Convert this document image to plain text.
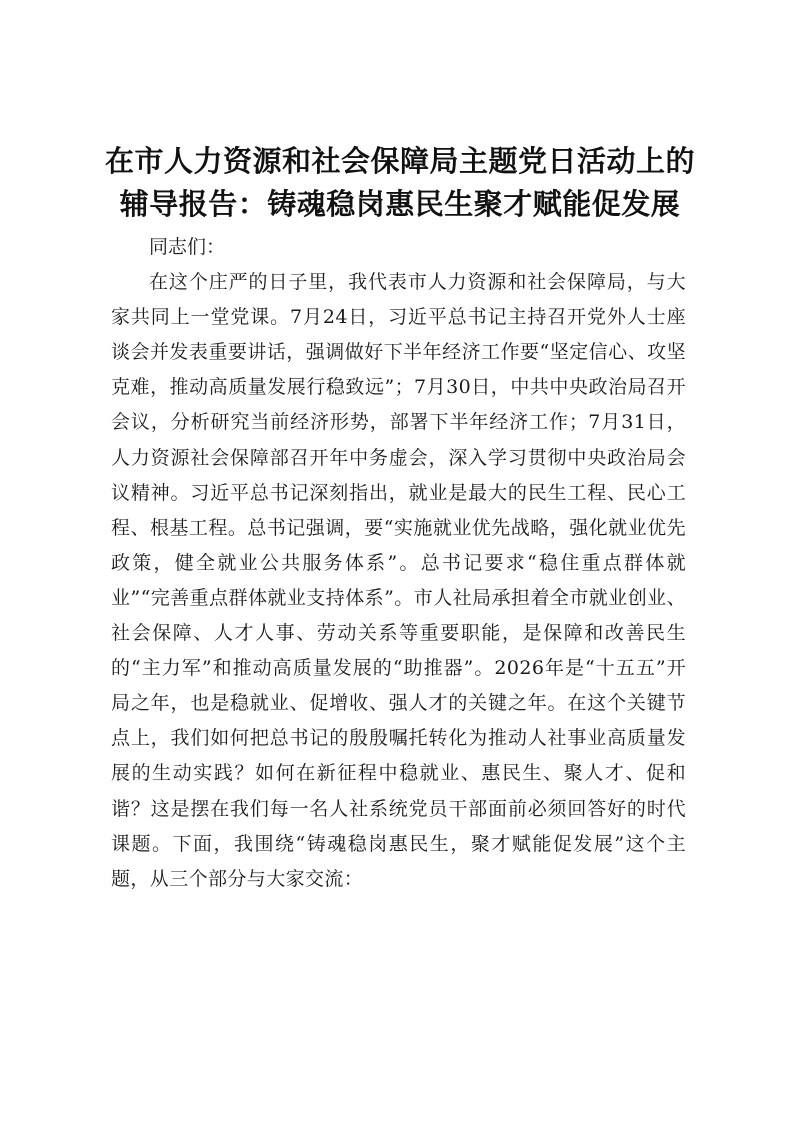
在市人力资源和社会保障局主题党日活动上的
辅导报告：铸魂稳岗惠民生聚才赋能促发展

同志们：

在这个庄严的日子里，我代表市人力资源和社会保障局，与大家共同上一堂党课。7月24日，习近平总书记主持召开党外人士座谈会并发表重要讲话，强调做好下半年经济工作要“坚定信心、攻坚克难，推动高质量发展行稳致远”；7月30日，中共中央政治局召开会议，分析研究当前经济形势，部署下半年经济工作；7月31日，人力资源社会保障部召开年中务虚会，深入学习贯彻中央政治局会议精神。习近平总书记深刻指出，就业是最大的民生工程、民心工程、根基工程。总书记强调，要“实施就业优先战略，强化就业优先政策，健全就业公共服务体系”。总书记要求“稳住重点群体就业”“完善重点群体就业支持体系”。市人社局承担着全市就业创业、社会保障、人才人事、劳动关系等重要职能，是保障和改善民生的“主力军”和推动高质量发展的“助推器”。2026年是“十五五”开局之年，也是稳就业、促增收、强人才的关键之年。在这个关键节点上，我们如何把总书记的殷殷嘱托转化为推动人社事业高质量发展的生动实践？如何在新征程中稳就业、惠民生、聚人才、促和谐？这是摆在我们每一名人社系统党员干部面前必须回答好的时代课题。下面，我围绕“铸魂稳岗惠民生，聚才赋能促发展”这个主题，从三个部分与大家交流：
